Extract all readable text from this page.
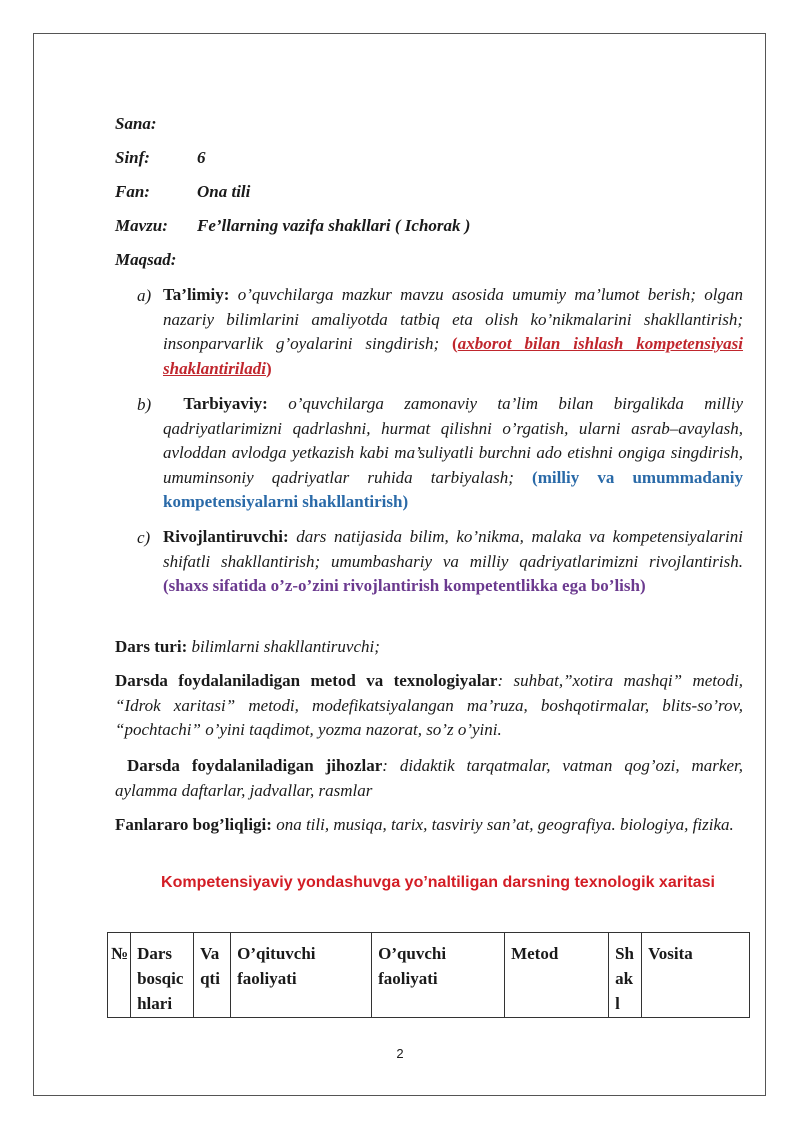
Sana:
Sinf:	6
Fan:	Ona tili
Mavzu: Fe’llarning vazifa shakllari ( Ichorak )
Maqsad:
a) Ta’limiy: o’quvchilarga mazkur mavzu asosida umumiy ma’lumot berish; olgan nazariy bilimlarini amaliyotda tatbiq eta olish ko’nikmalarini shakllantirish; insonparvarlik g’oyalarini singdirish; (axborot bilan ishlash kompetensiyasi shaklantiriladi)
b)	Tarbiyaviy: o’quvchilarga zamonaviy ta’lim bilan birgalikda milliy qadriyatlarimizni qadrlashni, hurmat qilishni o’rgatish, ularni asrab–avaylash, avloddan avlodga yetkazish kabi ma’suliyatli burchni ado etishni ongiga singdirish, umuminsoniy qadriyatlar ruhida tarbiyalash; (milliy va umummadaniy kompetensiyalarni shakllantirish)
c) Rivojlantiruvchi: dars natijasida bilim, ko’nikma, malaka va kompetensiyalarini shifatli shakllantirish; umumbashariy va milliy qadriyatlarimizni rivojlantirish.(shaxs sifatida o’z-o’zini rivojlantirish kompetentlikka ega bo’lish)
Dars turi: bilimlarni shakllantiruvchi;
Darsda foydalaniladigan metod va texnologiyalar: suhbat,”xotira mashqi” metodi, “Idrok xaritasi” metodi, modefikatsiyalangan ma’ruza, boshqotirmalar, blits-so’rov, “pochtachi” o’yini taqdimot, yozma nazorat, so’z o’yini.
Darsda foydalaniladigan jihozlar: didaktik tarqatmalar, vatman qog’ozi, marker, aylamma daftarlar, jadvallar, rasmlar
Fanlararo bog’liqligi: ona tili, musiqa, tarix, tasviriy san’at, geografiya. biologiya, fizika.
Kompetensiyaviy yondashuvga yo’naltiligan darsning texnologik xaritasi
№	Dars bosqic hlari	Va qti	O’qituvchi faoliyati	O’quvchi faoliyati	Metod	Sh ak l	Vosita
2
